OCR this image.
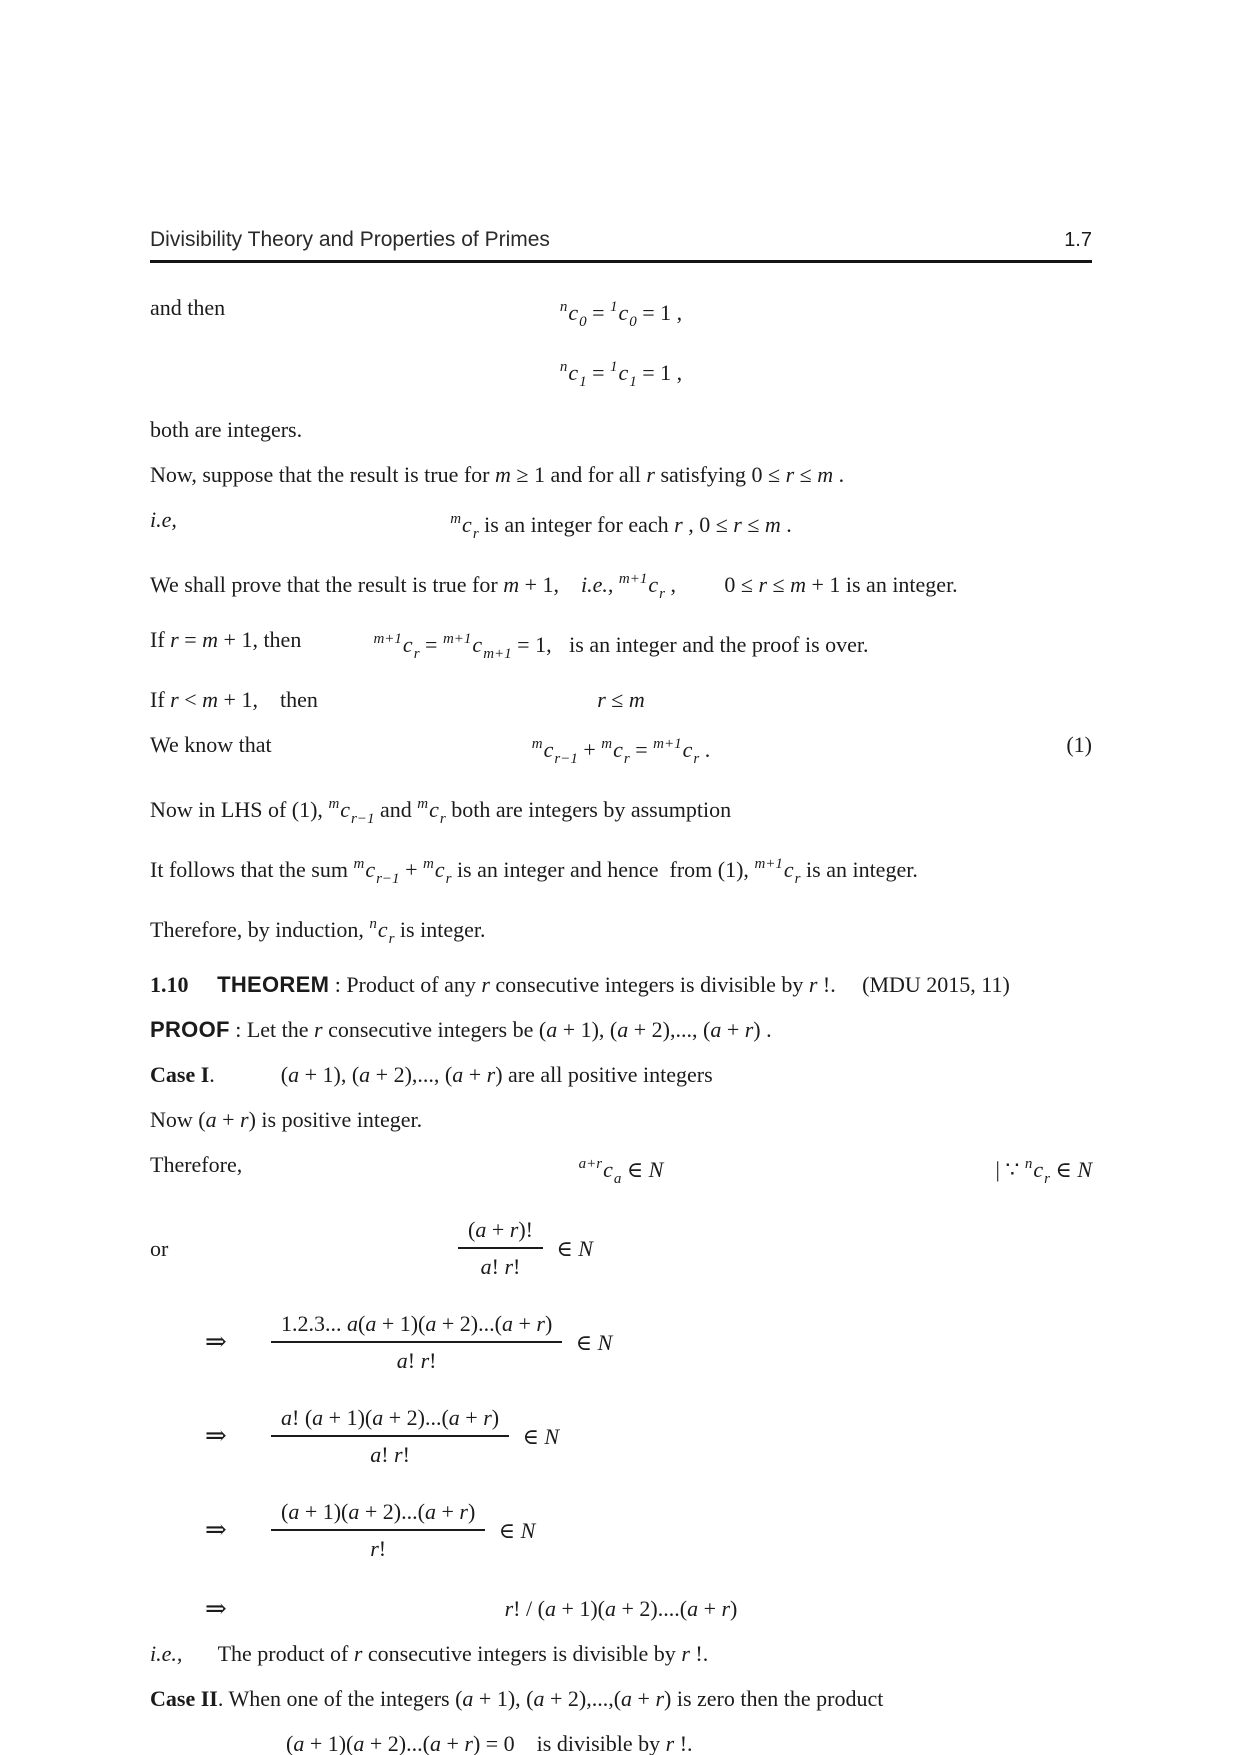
Divisibility Theory and Properties of Primes	1.7
and then	$^nc_0 = ^1c_0 = 1$ ,
$^nc_1 = ^1c_1 = 1$ ,
both are integers.
Now, suppose that the result is true for m ≥ 1 and for all r satisfying 0 ≤ r ≤ m .
i.e,	$^mc_r$ is an integer for each r , 0 ≤ r ≤ m .
We shall prove that the result is true for m + 1, i.e., $^{m+1}c_r$ , 0 ≤ r ≤ m + 1 is an integer.
If r = m + 1, then	$^{m+1}c_r = ^{m+1}c_{m+1} = 1$, is an integer and the proof is over.
If r < m + 1, then	r ≤ m
We know that	$^mc_{r-1} + ^mc_r = ^{m+1}c_r$ .	(1)
Now in LHS of (1), $^mc_{r-1}$ and $^mc_r$ both are integers by assumption
It follows that the sum $^mc_{r-1} + ^mc_r$ is an integer and hence from (1), $^{m+1}c_r$ is an integer.
Therefore, by induction, $^nc_r$ is integer.
1.10 THEOREM : Product of any r consecutive integers is divisible by r !. (MDU 2015, 11)
PROOF : Let the r consecutive integers be (a + 1), (a + 2),..., (a + r) .
Case I.	(a + 1), (a + 2),..., (a + r) are all positive integers
Now (a + r) is positive integer.
Therefore,	$^{a+r}c_a$ ∈ N	| ∵ $^nc_r$ ∈ N
or	$\frac{(a + r)!}{a! r!}$ ∈ N
⇒ $\frac{1.2.3... a(a + 1)(a + 2)...(a + r)}{a! r!}$ ∈ N
⇒ $\frac{a! (a + 1)(a + 2)...(a + r)}{a! r!}$ ∈ N
⇒ $\frac{(a + 1)(a + 2)...(a + r)}{r!}$ ∈ N
⇒	r! / (a + 1)(a + 2)....(a + r)
i.e., The product of r consecutive integers is divisible by r !.
Case II. When one of the integers (a + 1), (a + 2),...,(a + r) is zero then the product
(a + 1)(a + 2)...(a + r) = 0 is divisible by r !.
